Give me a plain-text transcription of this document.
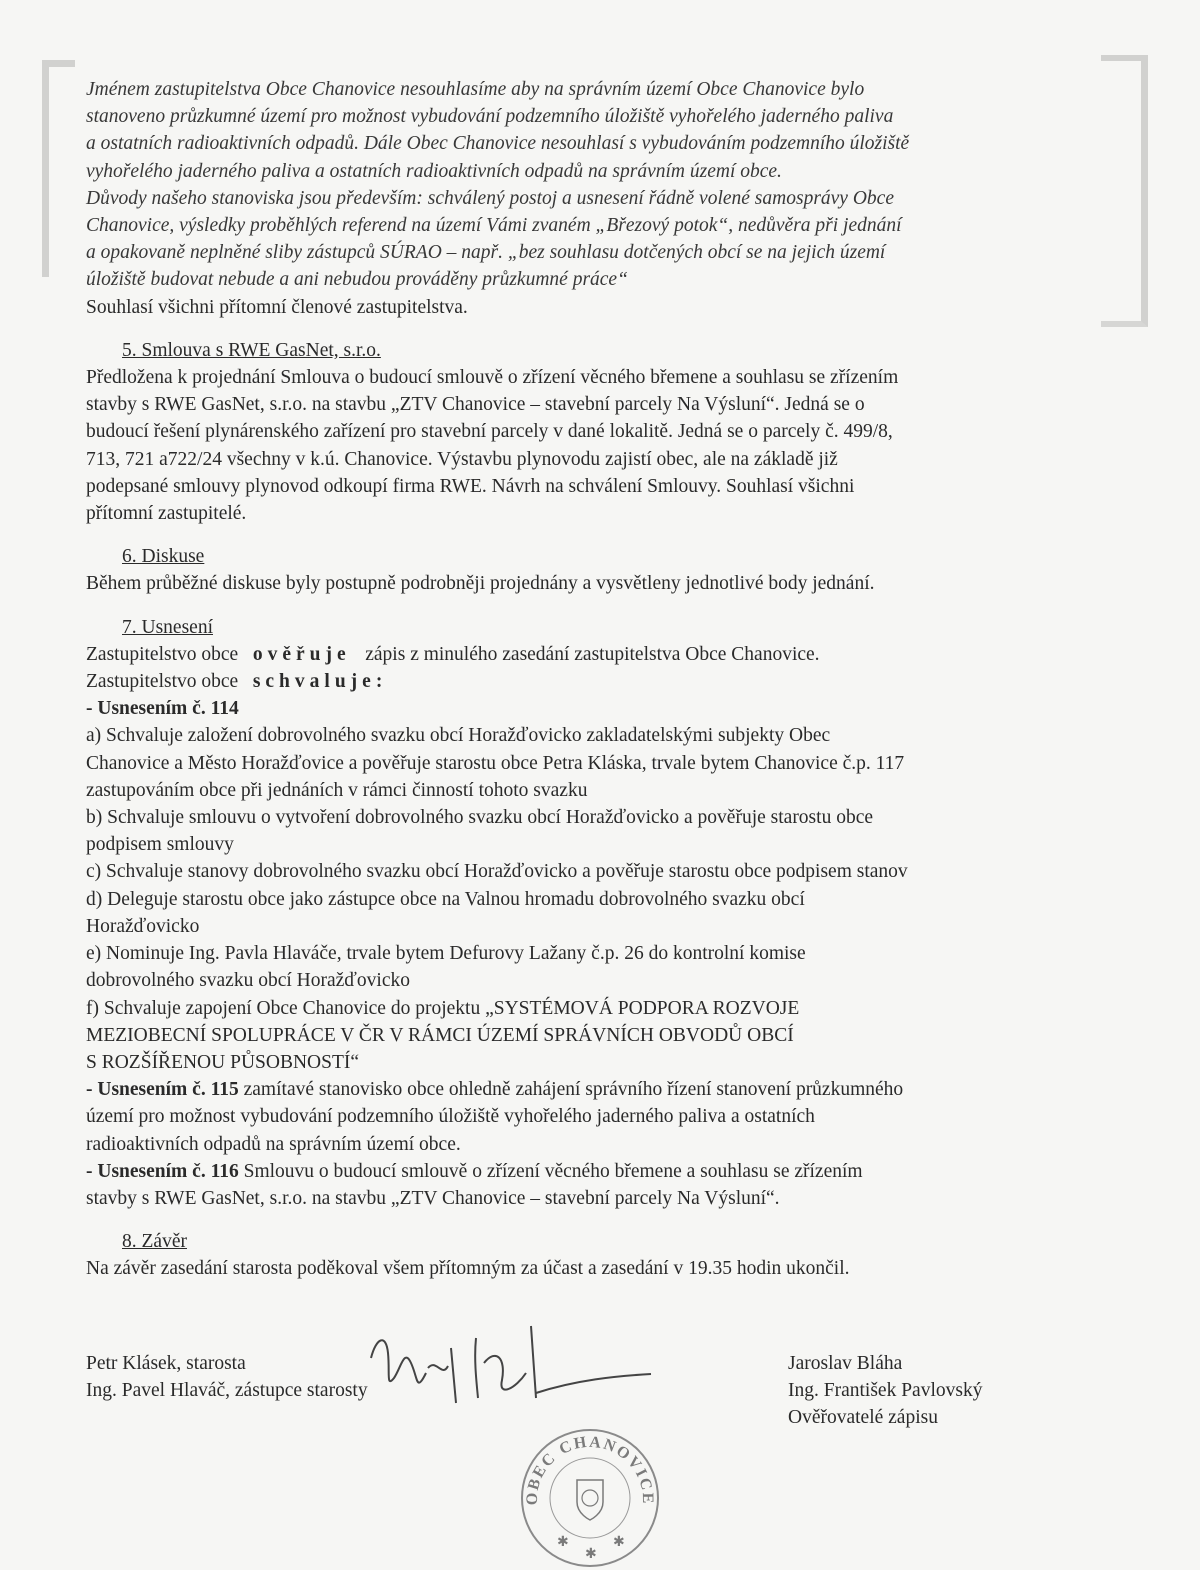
Jménem zastupitelstva Obce Chanovice nesouhlasíme aby na správním území Obce Chanovice bylo

stanoveno průzkumné území pro možnost vybudování podzemního úložiště vyhořelého jaderného paliva

a ostatních radioaktivních odpadů. Dále Obec Chanovice nesouhlasí s vybudováním podzemního úložiště

vyhořelého jaderného paliva a ostatních radioaktivních odpadů na správním území obce.

Důvody našeho stanoviska jsou především: schválený postoj a usnesení řádně volené samosprávy Obce

Chanovice, výsledky proběhlých referend na území Vámi zvaném „Březový potok“, nedůvěra při jednání

a opakovaně neplněné sliby zástupců SÚRAO – např. „bez souhlasu dotčených obcí se na jejich území

úložiště budovat nebude a ani nebudou prováděny průzkumné práce“

Souhlasí všichni přítomní členové zastupitelstva.

5. Smlouva s RWE GasNet, s.r.o.

Předložena k projednání Smlouva o budoucí smlouvě o zřízení věcného břemene a souhlasu se zřízením

stavby s RWE GasNet, s.r.o. na stavbu „ZTV Chanovice – stavební parcely Na Výsluní“. Jedná se o

budoucí řešení plynárenského zařízení pro stavební parcely v dané lokalitě. Jedná se o parcely č. 499/8,

713, 721 a722/24 všechny v k.ú. Chanovice. Výstavbu plynovodu zajistí obec, ale na základě již

podepsané smlouvy plynovod odkoupí firma RWE. Návrh na schválení Smlouvy. Souhlasí všichni

přítomní zastupitelé.

6. Diskuse

Během průběžné diskuse byly postupně podrobněji projednány a vysvětleny jednotlivé body jednání.

7. Usnesení

Zastupitelstvo obce ověřuje zápis z minulého zasedání zastupitelstva Obce Chanovice.

Zastupitelstvo obce schvaluje:

- Usnesením č. 114

a) Schvaluje založení dobrovolného svazku obcí Horažďovicko zakladatelskými subjekty Obec

Chanovice a Město Horažďovice a pověřuje starostu obce Petra Kláska, trvale bytem Chanovice č.p. 117

zastupováním obce při jednáních v rámci činností tohoto svazku

b) Schvaluje smlouvu o vytvoření dobrovolného svazku obcí Horažďovicko a pověřuje starostu obce

podpisem smlouvy

c) Schvaluje stanovy dobrovolného svazku obcí Horažďovicko a pověřuje starostu obce podpisem stanov

d) Deleguje starostu obce jako zástupce obce na Valnou hromadu dobrovolného svazku obcí

Horažďovicko

e) Nominuje Ing. Pavla Hlaváče, trvale bytem Defurovy Lažany č.p. 26 do kontrolní komise

dobrovolného svazku obcí Horažďovicko

f) Schvaluje zapojení Obce Chanovice do projektu „SYSTÉMOVÁ PODPORA ROZVOJE

MEZIOBECNÍ SPOLUPRÁCE V ČR V RÁMCI ÚZEMÍ SPRÁVNÍCH OBVODŮ OBCÍ

S ROZŠÍŘENOU PŮSOBNOSTÍ“

- Usnesením č. 115 zamítavé stanovisko obce ohledně zahájení správního řízení stanovení průzkumného

území pro možnost vybudování podzemního úložiště vyhořelého jaderného paliva a ostatních

radioaktivních odpadů na správním území obce.

- Usnesením č. 116 Smlouvu o budoucí smlouvě o zřízení věcného břemene a souhlasu se zřízením

stavby s RWE GasNet, s.r.o. na stavbu „ZTV Chanovice – stavební parcely Na Výsluní“.

8. Závěr

Na závěr zasedání starosta poděkoval všem přítomným za účast a zasedání v 19.35 hodin ukončil.

Petr Klásek, starosta
Ing. Pavel Hlaváč, zástupce starosty
Jaroslav Bláha
Ing. František Pavlovský
Ověřovatelé zápisu
OBEC CHANOVICE
✱
✱
✱
